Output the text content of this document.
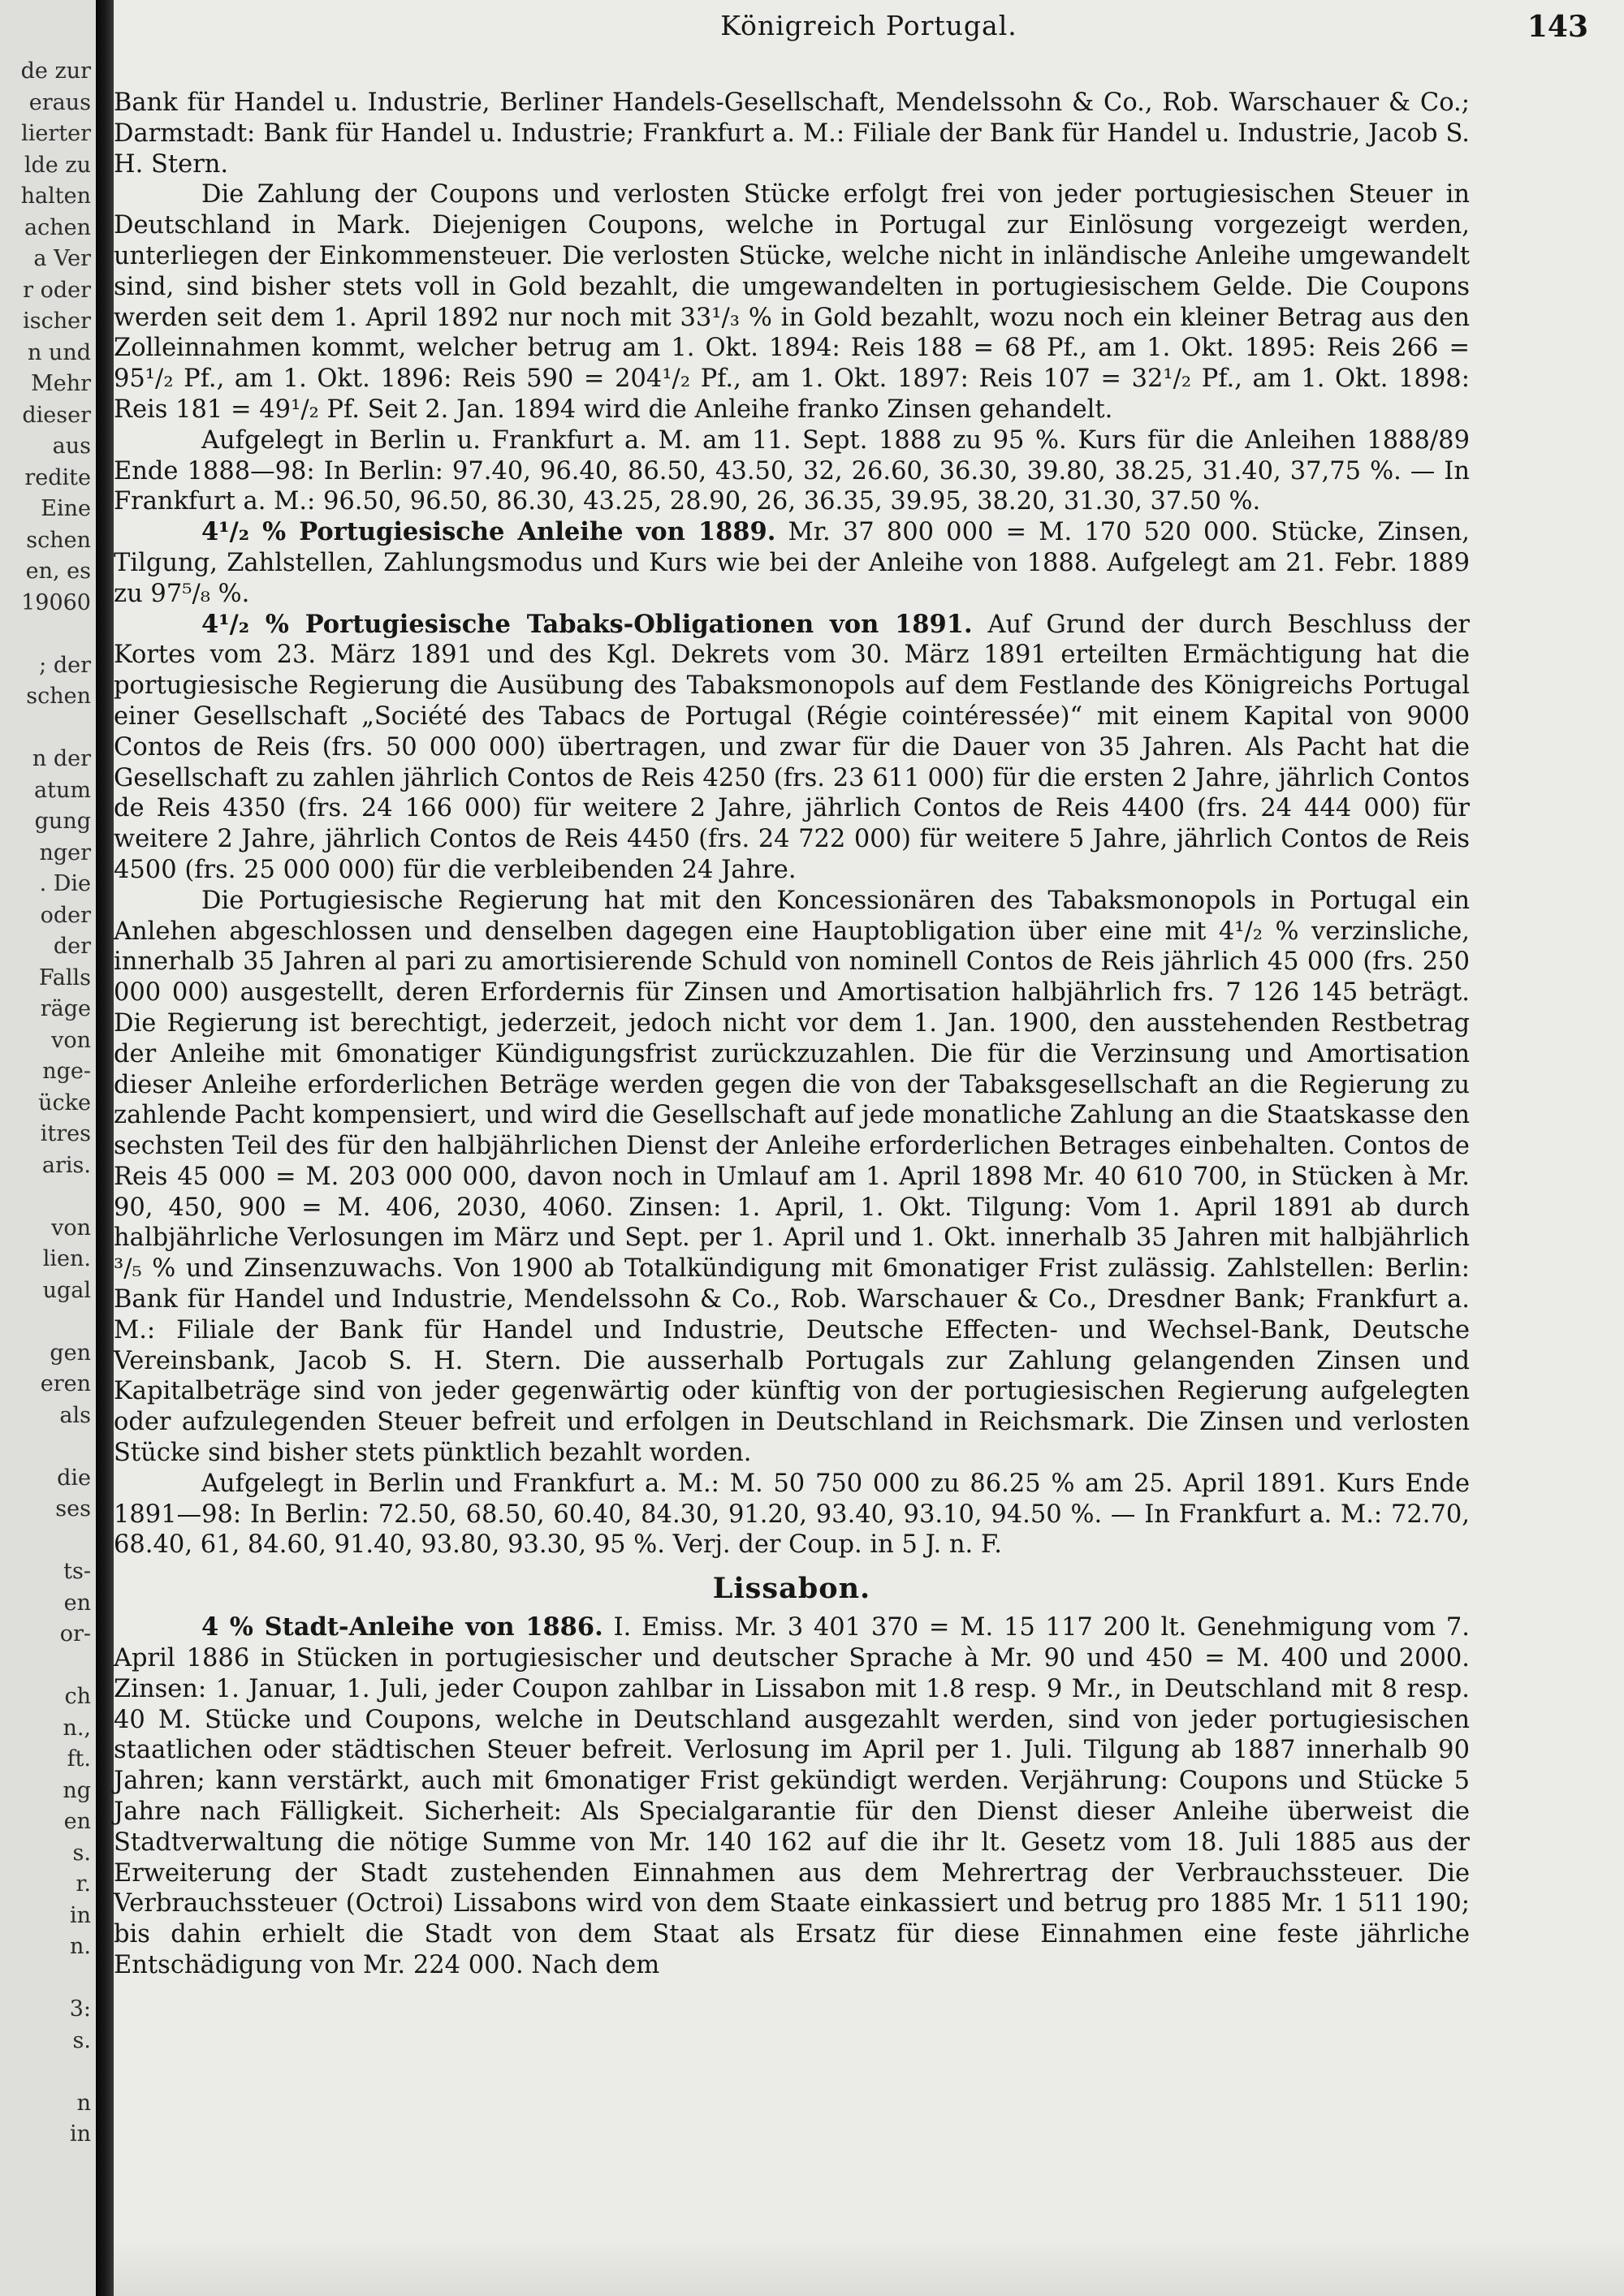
de zur
eraus
lierter
lde zu
halten
achen
a Ver
r oder
ischer
n und
Mehr
dieser
aus
redite
Eine
schen
en, es
19060
; der
schen
n der
atum
gung
nger
. Die
oder
der
Falls
räge
von
nge-
ücke
itres
aris.
von
lien.
ugal
gen
eren
als
die
ses
ts-
en
or-
ch
n.,
ft.
ng
en
s.
r.
in
n.
3:
s.
n
in
Königreich Portugal.	143

Bank für Handel u. Industrie, Berliner Handels-Gesellschaft, Mendelssohn & Co., Rob. Warschauer & Co.; Darmstadt: Bank für Handel u. Industrie; Frankfurt a. M.: Filiale der Bank für Handel u. Industrie, Jacob S. H. Stern.

Die Zahlung der Coupons und verlosten Stücke erfolgt frei von jeder portugiesischen Steuer in Deutschland in Mark. Diejenigen Coupons, welche in Portugal zur Einlösung vorgezeigt werden, unterliegen der Einkommensteuer. Die verlosten Stücke, welche nicht in inländische Anleihe umgewandelt sind, sind bisher stets voll in Gold bezahlt, die umgewandelten in portugiesischem Gelde. Die Coupons werden seit dem 1. April 1892 nur noch mit 33¹/₃ % in Gold bezahlt, wozu noch ein kleiner Betrag aus den Zolleinnahmen kommt, welcher betrug am 1. Okt. 1894: Reis 188 = 68 Pf., am 1. Okt. 1895: Reis 266 = 95¹/₂ Pf., am 1. Okt. 1896: Reis 590 = 204¹/₂ Pf., am 1. Okt. 1897: Reis 107 = 32¹/₂ Pf., am 1. Okt. 1898: Reis 181 = 49¹/₂ Pf. Seit 2. Jan. 1894 wird die Anleihe franko Zinsen gehandelt.

Aufgelegt in Berlin u. Frankfurt a. M. am 11. Sept. 1888 zu 95 %. Kurs für die Anleihen 1888/89 Ende 1888—98: In Berlin: 97.40, 96.40, 86.50, 43.50, 32, 26.60, 36.30, 39.80, 38.25, 31.40, 37,75 %. — In Frankfurt a. M.: 96.50, 96.50, 86.30, 43.25, 28.90, 26, 36.35, 39.95, 38.20, 31.30, 37.50 %.

4¹/₂ % Portugiesische Anleihe von 1889. Mr. 37 800 000 = M. 170 520 000. Stücke, Zinsen, Tilgung, Zahlstellen, Zahlungsmodus und Kurs wie bei der Anleihe von 1888. Aufgelegt am 21. Febr. 1889 zu 97⁵/₈ %.

4¹/₂ % Portugiesische Tabaks-Obligationen von 1891. Auf Grund der durch Beschluss der Kortes vom 23. März 1891 und des Kgl. Dekrets vom 30. März 1891 erteilten Ermächtigung hat die portugiesische Regierung die Ausübung des Tabaksmonopols auf dem Festlande des Königreichs Portugal einer Gesellschaft „Société des Tabacs de Portugal (Régie cointéressée)“ mit einem Kapital von 9000 Contos de Reis (frs. 50 000 000) übertragen, und zwar für die Dauer von 35 Jahren. Als Pacht hat die Gesellschaft zu zahlen jährlich Contos de Reis 4250 (frs. 23 611 000) für die ersten 2 Jahre, jährlich Contos de Reis 4350 (frs. 24 166 000) für weitere 2 Jahre, jährlich Contos de Reis 4400 (frs. 24 444 000) für weitere 2 Jahre, jährlich Contos de Reis 4450 (frs. 24 722 000) für weitere 5 Jahre, jährlich Contos de Reis 4500 (frs. 25 000 000) für die verbleibenden 24 Jahre.

Die Portugiesische Regierung hat mit den Koncessionären des Tabaksmonopols in Portugal ein Anlehen abgeschlossen und denselben dagegen eine Hauptobligation über eine mit 4¹/₂ % verzinsliche, innerhalb 35 Jahren al pari zu amortisierende Schuld von nominell Contos de Reis jährlich 45 000 (frs. 250 000 000) ausgestellt, deren Erfordernis für Zinsen und Amortisation halbjährlich frs. 7 126 145 beträgt. Die Regierung ist berechtigt, jederzeit, jedoch nicht vor dem 1. Jan. 1900, den ausstehenden Restbetrag der Anleihe mit 6monatiger Kündigungsfrist zurückzuzahlen. Die für die Verzinsung und Amortisation dieser Anleihe erforderlichen Beträge werden gegen die von der Tabaksgesellschaft an die Regierung zu zahlende Pacht kompensiert, und wird die Gesellschaft auf jede monatliche Zahlung an die Staatskasse den sechsten Teil des für den halbjährlichen Dienst der Anleihe erforderlichen Betrages einbehalten. Contos de Reis 45 000 = M. 203 000 000, davon noch in Umlauf am 1. April 1898 Mr. 40 610 700, in Stücken à Mr. 90, 450, 900 = M. 406, 2030, 4060. Zinsen: 1. April, 1. Okt. Tilgung: Vom 1. April 1891 ab durch halbjährliche Verlosungen im März und Sept. per 1. April und 1. Okt. innerhalb 35 Jahren mit halbjährlich ³/₅ % und Zinsenzuwachs. Von 1900 ab Totalkündigung mit 6monatiger Frist zulässig. Zahlstellen: Berlin: Bank für Handel und Industrie, Mendelssohn & Co., Rob. Warschauer & Co., Dresdner Bank; Frankfurt a. M.: Filiale der Bank für Handel und Industrie, Deutsche Effecten- und Wechsel-Bank, Deutsche Vereinsbank, Jacob S. H. Stern. Die ausserhalb Portugals zur Zahlung gelangenden Zinsen und Kapitalbeträge sind von jeder gegenwärtig oder künftig von der portugiesischen Regierung aufgelegten oder aufzulegenden Steuer befreit und erfolgen in Deutschland in Reichsmark. Die Zinsen und verlosten Stücke sind bisher stets pünktlich bezahlt worden.

Aufgelegt in Berlin und Frankfurt a. M.: M. 50 750 000 zu 86.25 % am 25. April 1891. Kurs Ende 1891—98: In Berlin: 72.50, 68.50, 60.40, 84.30, 91.20, 93.40, 93.10, 94.50 %. — In Frankfurt a. M.: 72.70, 68.40, 61, 84.60, 91.40, 93.80, 93.30, 95 %. Verj. der Coup. in 5 J. n. F.

Lissabon.

4 % Stadt-Anleihe von 1886. I. Emiss. Mr. 3 401 370 = M. 15 117 200 lt. Genehmigung vom 7. April 1886 in Stücken in portugiesischer und deutscher Sprache à Mr. 90 und 450 = M. 400 und 2000. Zinsen: 1. Januar, 1. Juli, jeder Coupon zahlbar in Lissabon mit 1.8 resp. 9 Mr., in Deutschland mit 8 resp. 40 M. Stücke und Coupons, welche in Deutschland ausgezahlt werden, sind von jeder portugiesischen staatlichen oder städtischen Steuer befreit. Verlosung im April per 1. Juli. Tilgung ab 1887 innerhalb 90 Jahren; kann verstärkt, auch mit 6monatiger Frist gekündigt werden. Verjährung: Coupons und Stücke 5 Jahre nach Fälligkeit. Sicherheit: Als Specialgarantie für den Dienst dieser Anleihe überweist die Stadtverwaltung die nötige Summe von Mr. 140 162 auf die ihr lt. Gesetz vom 18. Juli 1885 aus der Erweiterung der Stadt zustehenden Einnahmen aus dem Mehrertrag der Verbrauchssteuer. Die Verbrauchssteuer (Octroi) Lissabons wird von dem Staate einkassiert und betrug pro 1885 Mr. 1 511 190; bis dahin erhielt die Stadt von dem Staat als Ersatz für diese Einnahmen eine feste jährliche Entschädigung von Mr. 224 000. Nach dem
